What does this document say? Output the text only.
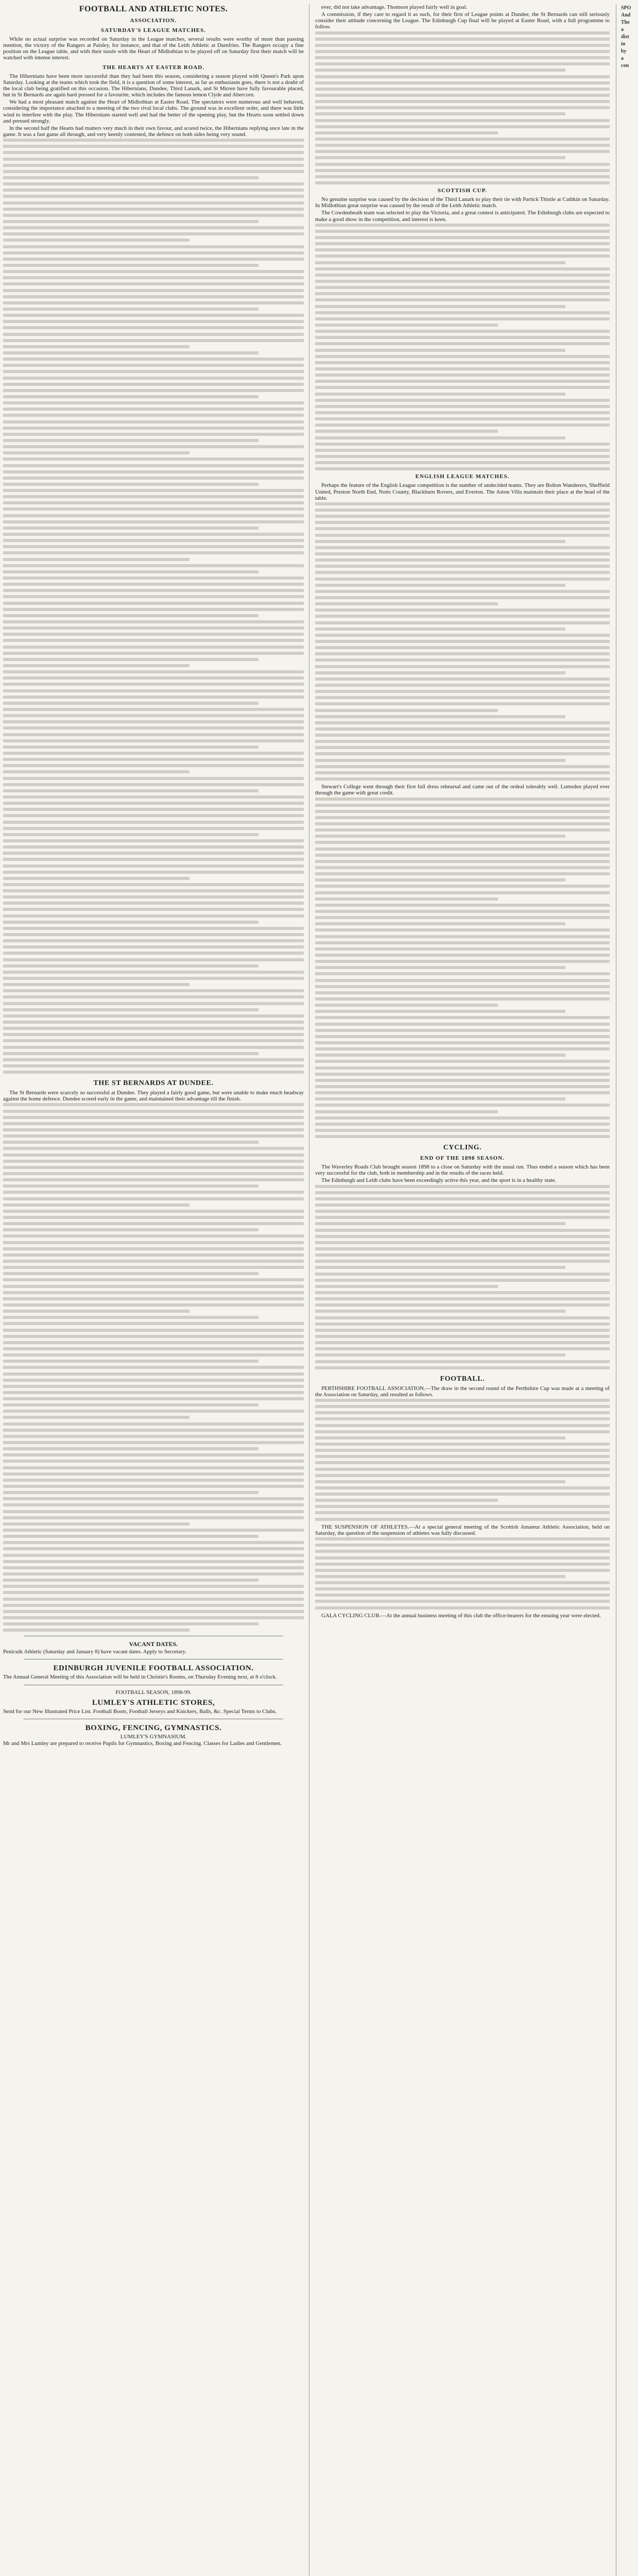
FOOTBALL AND ATHLETIC NOTES.
ASSOCIATION.
SATURDAY'S LEAGUE MATCHES.

While no actual surprise was recorded on Saturday in the League matches, several results were worthy of more than passing mention, the victory of the Rangers at Paisley, for instance, and that of the Leith Athletic at Dumfries. The Rangers occupy a fine position on the League table, and with their tussle with the Heart of Midlothian to be played off on Saturday first their match will be watched with intense interest.

THE HEARTS AT EASTER ROAD.

The Hibernians have been more successful than they had been this season, considering a season played with Queen's Park upon Saturday. Looking at the teams which took the field, it is a question of some interest, as far as enthusiasm goes, there is not a doubt of the local club being gratified on this occasion. The Hibernians, Dundee, Third Lanark, and St Mirren have fully favourable placed, but in St Bernards are again hard pressed for a favourite, which includes the famous lemon Clyde and Abercorn.

We had a most pleasant match against the Heart of Midlothian at Easter Road. The spectators were numerous and well behaved, considering the importance attached to a meeting of the two rival local clubs. The ground was in excellent order, and there was little wind to interfere with the play. The Hibernians started well and had the better of the opening play, but the Hearts soon settled down and pressed strongly.

In the second half the Hearts had matters very much in their own favour, and scored twice, the Hibernians replying once late in the game. It was a fast game all through, and very keenly contested, the defence on both sides being very sound.

THE ST BERNARDS AT DUNDEE.

The St Bernards were scarcely so successful at Dundee. They played a fairly good game, but were unable to make much headway against the home defence. Dundee scored early in the game, and maintained their advantage till the finish.

VACANT DATES.

Penicuik Athletic (Saturday and January 8) have vacant dates. Apply to Secretary.

EDINBURGH JUVENILE FOOTBALL ASSOCIATION.

The Annual General Meeting of this Association will be held in Christie's Rooms, on Thursday Evening next, at 8 o'clock.

FOOTBALL SEASON, 1898-99.
LUMLEY'S ATHLETIC STORES,

Send for our New Illustrated Price List. Football Boots, Football Jerseys and Knickers, Balls, &c. Special Terms to Clubs.

BOXING, FENCING, GYMNASTICS.
LUMLEY'S GYMNASIUM.

Mr and Mrs Lumley are prepared to receive Pupils for Gymnastics, Boxing and Fencing. Classes for Ladies and Gentlemen.

ever, did not take advantage. Thomson played fairly well in goal.

A commission, if they care to regard it as such, for their first of League points at Dundee, the St Bernards can still seriously consider their attitude concerning the League. The Edinburgh Cup final will be played at Easter Road, with a full programme to follow.

SCOTTISH CUP.

No genuine surprise was caused by the decision of the Third Lanark to play their tie with Partick Thistle at Cathkin on Saturday. In Midlothian great surprise was caused by the result of the Leith Athletic match.

The Cowdenbeath team was selected to play the Victoria, and a great contest is anticipated. The Edinburgh clubs are expected to make a good show in the competition, and interest is keen.

ENGLISH LEAGUE MATCHES.

Perhaps the feature of the English League competition is the number of undecided teams. They are Bolton Wanderers, Sheffield United, Preston North End, Notts County, Blackburn Rovers, and Everton. The Aston Villa maintain their place at the head of the table.

Stewart's College went through their first full dress rehearsal and came out of the ordeal tolerably well. Lumsden played ever through the game with great credit.

CYCLING.
END OF THE 1898 SEASON.

The Waverley Roads Club brought season 1898 to a close on Saturday with the usual run. Thus ended a season which has been very successful for the club, both in membership and in the results of the races held.

The Edinburgh and Leith clubs have been exceedingly active this year, and the sport is in a healthy state.

FOOTBALL.

PERTHSHIRE FOOTBALL ASSOCIATION.—The draw in the second round of the Perthshire Cup was made at a meeting of the Association on Saturday, and resulted as follows.

THE SUSPENSION OF ATHLETES.—At a special general meeting of the Scottish Amateur Athletic Association, held on Saturday, the question of the suspension of athletes was fully discussed.

GALA CYCLING CLUB.—At the annual business meeting of this club the office-bearers for the ensuing year were elected.

SPO
And
The
a
dist
in
by
a
con
